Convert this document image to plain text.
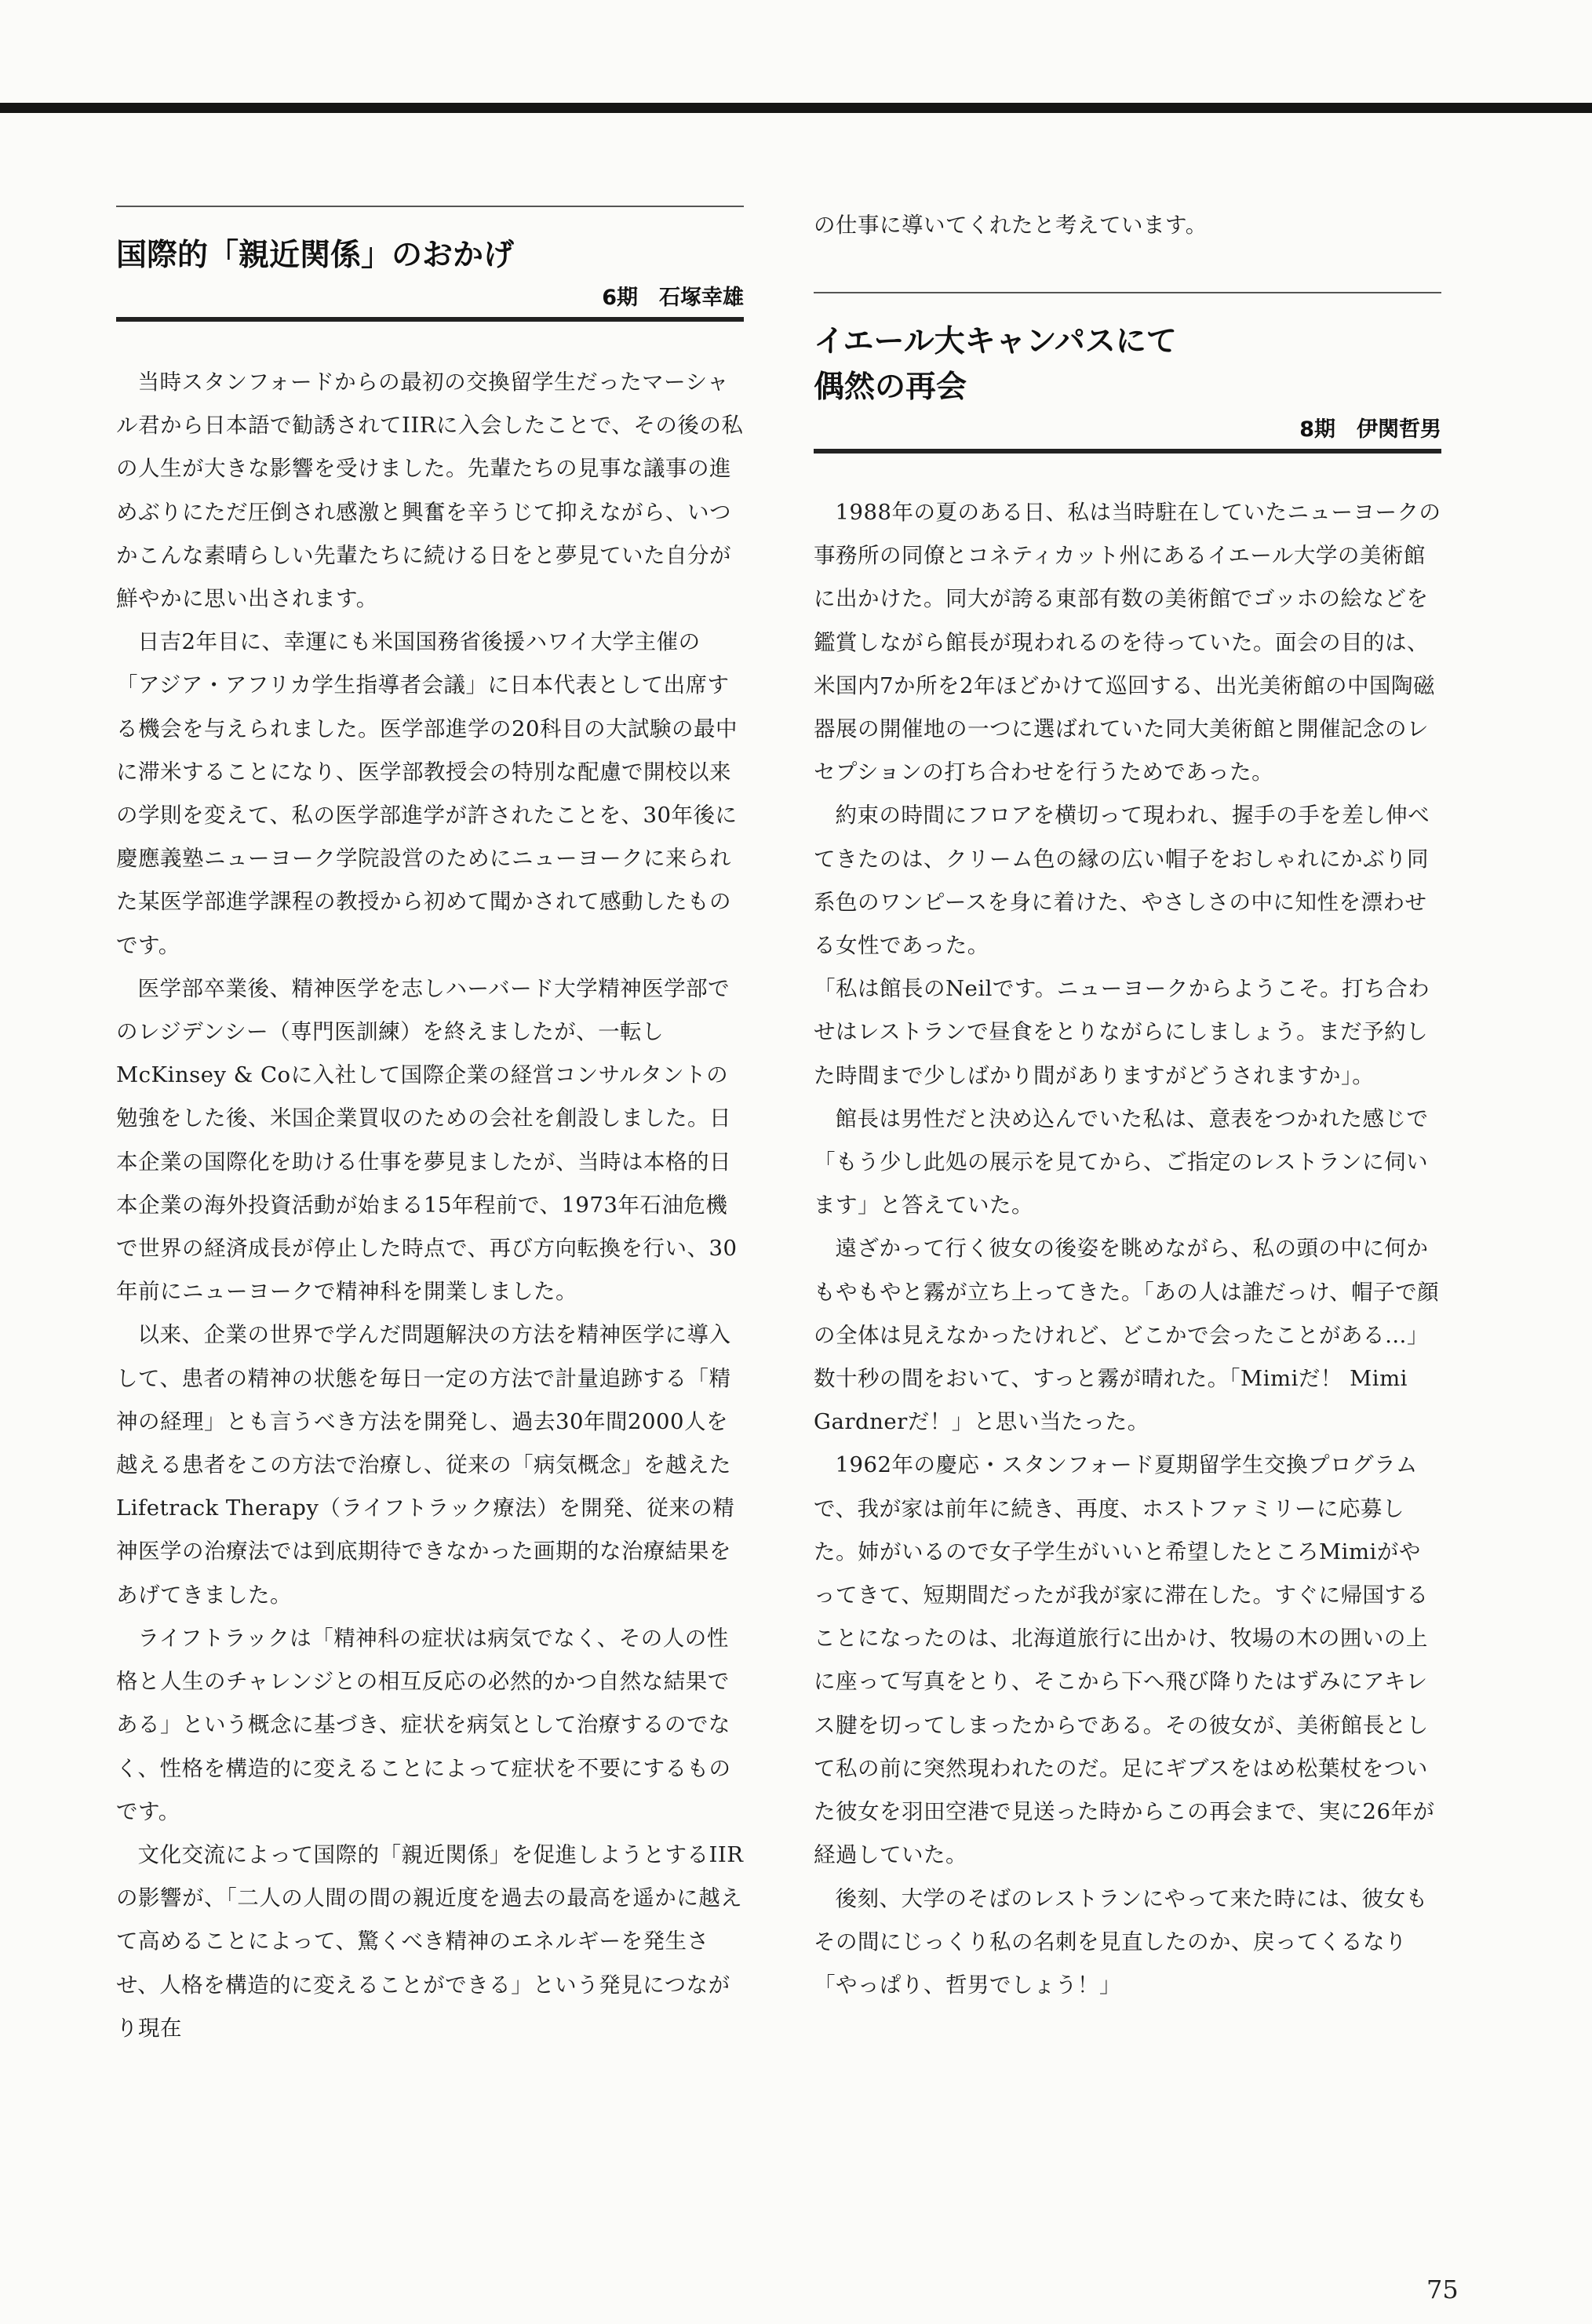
国際的「親近関係」のおかげ
6期　石塚幸雄

当時スタンフォードからの最初の交換留学生だったマーシャル君から日本語で勧誘されてIIRに入会したことで、その後の私の人生が大きな影響を受けました。先輩たちの見事な議事の進めぶりにただ圧倒され感激と興奮を辛うじて抑えながら、いつかこんな素晴らしい先輩たちに続ける日をと夢見ていた自分が鮮やかに思い出されます。

日吉2年目に、幸運にも米国国務省後援ハワイ大学主催の「アジア・アフリカ学生指導者会議」に日本代表として出席する機会を与えられました。医学部進学の20科目の大試験の最中に滞米することになり、医学部教授会の特別な配慮で開校以来の学則を変えて、私の医学部進学が許されたことを、30年後に慶應義塾ニューヨーク学院設営のためにニューヨークに来られた某医学部進学課程の教授から初めて聞かされて感動したものです。

医学部卒業後、精神医学を志しハーバード大学精神医学部でのレジデンシー（専門医訓練）を終えましたが、一転しMcKinsey & Coに入社して国際企業の経営コンサルタントの勉強をした後、米国企業買収のための会社を創設しました。日本企業の国際化を助ける仕事を夢見ましたが、当時は本格的日本企業の海外投資活動が始まる15年程前で、1973年石油危機で世界の経済成長が停止した時点で、再び方向転換を行い、30年前にニューヨークで精神科を開業しました。

以来、企業の世界で学んだ問題解決の方法を精神医学に導入して、患者の精神の状態を毎日一定の方法で計量追跡する「精神の経理」とも言うべき方法を開発し、過去30年間2000人を越える患者をこの方法で治療し、従来の「病気概念」を越えたLifetrack Therapy（ライフトラック療法）を開発、従来の精神医学の治療法では到底期待できなかった画期的な治療結果をあげてきました。

ライフトラックは「精神科の症状は病気でなく、その人の性格と人生のチャレンジとの相互反応の必然的かつ自然な結果である」という概念に基づき、症状を病気として治療するのでなく、性格を構造的に変えることによって症状を不要にするものです。

文化交流によって国際的「親近関係」を促進しようとするIIRの影響が、「二人の人間の間の親近度を過去の最高を遥かに越えて高めることによって、驚くべき精神のエネルギーを発生させ、人格を構造的に変えることができる」という発見につながり現在

の仕事に導いてくれたと考えています。

イエール大キャンパスにて
偶然の再会
8期　伊関哲男

1988年の夏のある日、私は当時駐在していたニューヨークの事務所の同僚とコネティカット州にあるイエール大学の美術館に出かけた。同大が誇る東部有数の美術館でゴッホの絵などを鑑賞しながら館長が現われるのを待っていた。面会の目的は、米国内7か所を2年ほどかけて巡回する、出光美術館の中国陶磁器展の開催地の一つに選ばれていた同大美術館と開催記念のレセプションの打ち合わせを行うためであった。

約束の時間にフロアを横切って現われ、握手の手を差し伸べてきたのは、クリーム色の縁の広い帽子をおしゃれにかぶり同系色のワンピースを身に着けた、やさしさの中に知性を漂わせる女性であった。

「私は館長のNeilです。ニューヨークからようこそ。打ち合わせはレストランで昼食をとりながらにしましょう。まだ予約した時間まで少しばかり間がありますがどうされますか」。

館長は男性だと決め込んでいた私は、意表をつかれた感じで「もう少し此処の展示を見てから、ご指定のレストランに伺います」と答えていた。

遠ざかって行く彼女の後姿を眺めながら、私の頭の中に何かもやもやと霧が立ち上ってきた。「あの人は誰だっけ、帽子で顔の全体は見えなかったけれど、どこかで会ったことがある…」数十秒の間をおいて、すっと霧が晴れた。「Mimiだ！ Mimi Gardnerだ！」と思い当たった。

1962年の慶応・スタンフォード夏期留学生交換プログラムで、我が家は前年に続き、再度、ホストファミリーに応募した。姉がいるので女子学生がいいと希望したところMimiがやってきて、短期間だったが我が家に滞在した。すぐに帰国することになったのは、北海道旅行に出かけ、牧場の木の囲いの上に座って写真をとり、そこから下へ飛び降りたはずみにアキレス腱を切ってしまったからである。その彼女が、美術館長として私の前に突然現われたのだ。足にギブスをはめ松葉杖をついた彼女を羽田空港で見送った時からこの再会まで、実に26年が経過していた。

後刻、大学のそばのレストランにやって来た時には、彼女もその間にじっくり私の名刺を見直したのか、戻ってくるなり「やっぱり、哲男でしょう！」

75
